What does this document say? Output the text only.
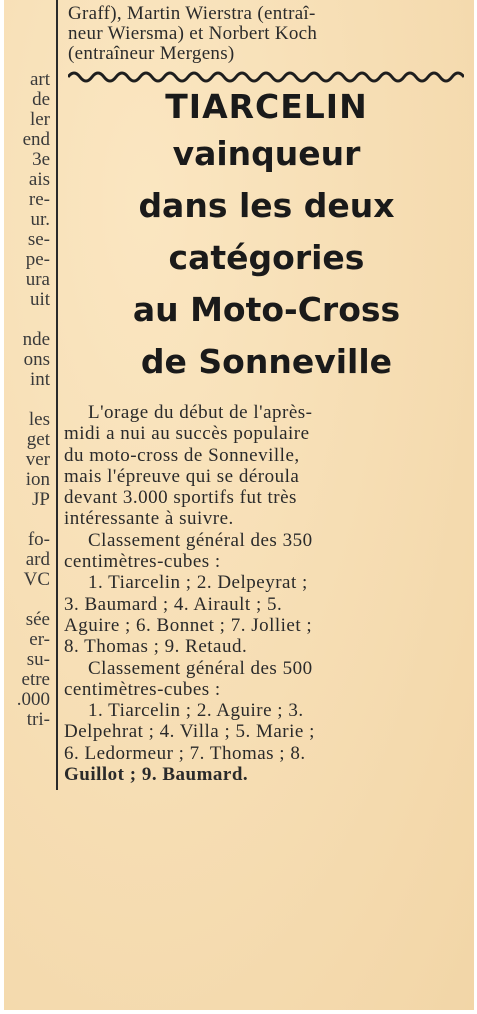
art
de
ler
end
3e
ais
re-
ur.
se-
pe-
ura
uit
nde
ons
int
les
get
ver
ion
JP
fo-
ard
VC
sée
er-
su-
etre
.000
tri-
Graff), Martin Wierstra (entraî-
neur Wiersma) et Norbert Koch
(entraîneur Mergens)
TIARCELIN
vainqueur
dans les deux
catégories
au Moto-Cross
de Sonneville
L'orage du début de l'après-
midi a nui au succès populaire
du moto-cross de Sonneville,
mais l'épreuve qui se déroula
devant 3.000 sportifs fut très
intéressante à suivre.
Classement général des 350
centimètres-cubes :
1. Tiarcelin ; 2. Delpeyrat ;
3. Baumard ; 4. Airault ; 5.
Aguire ; 6. Bonnet ; 7. Jolliet ;
8. Thomas ; 9. Retaud.
Classement général des 500
centimètres-cubes :
1. Tiarcelin ; 2. Aguire ; 3.
Delpehrat ; 4. Villa ; 5. Marie ;
6. Ledormeur ; 7. Thomas ; 8.
Guillot ; 9. Baumard.
